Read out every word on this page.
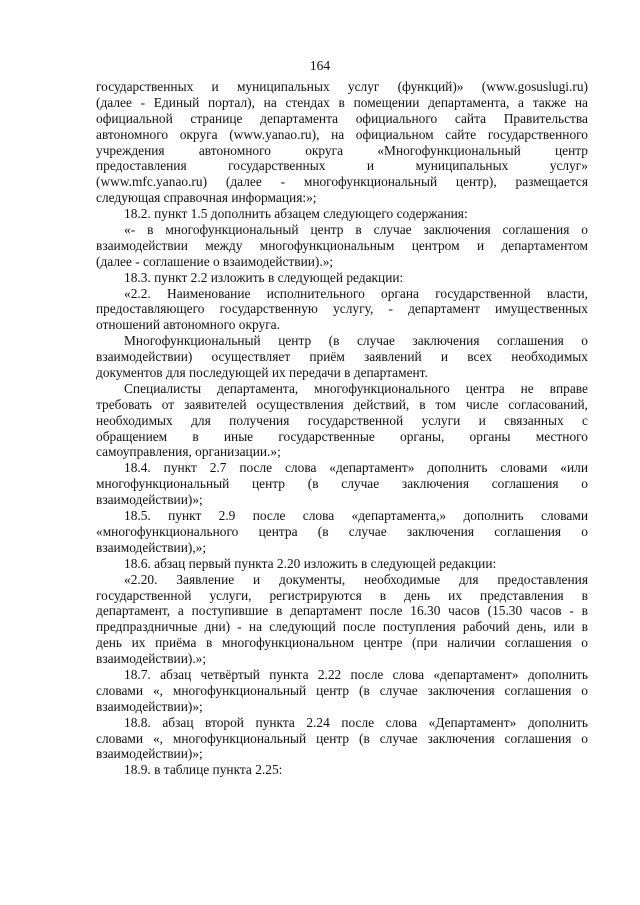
164
государственных и муниципальных услуг (функций)» (www.gosuslugi.ru)
(далее - Единый портал), на стендах в помещении департамента, а также на
официальной странице департамента официального сайта Правительства
автономного округа (www.yanao.ru), на официальном сайте государственного
учреждения автономного округа «Многофункциональный центр
предоставления государственных и муниципальных услуг»
(www.mfc.yanao.ru) (далее - многофункциональный центр), размещается
следующая справочная информация:»;
18.2. пункт 1.5 дополнить абзацем следующего содержания:
«- в многофункциональный центр в случае заключения соглашения о
взаимодействии между многофункциональным центром и департаментом
(далее - соглашение о взаимодействии).»;
18.3. пункт 2.2 изложить в следующей редакции:
«2.2. Наименование исполнительного органа государственной власти,
предоставляющего государственную услугу, - департамент имущественных
отношений автономного округа.
Многофункциональный центр (в случае заключения соглашения о
взаимодействии) осуществляет приём заявлений и всех необходимых
документов для последующей их передачи в департамент.
Специалисты департамента, многофункционального центра не вправе
требовать от заявителей осуществления действий, в том числе согласований,
необходимых для получения государственной услуги и связанных с
обращением в иные государственные органы, органы местного
самоуправления, организации.»;
18.4. пункт 2.7 после слова «департамент» дополнить словами «или
многофункциональный центр (в случае заключения соглашения о
взаимодействии)»;
18.5. пункт 2.9 после слова «департамента,» дополнить словами
«многофункционального центра (в случае заключения соглашения о
взаимодействии),»;
18.6. абзац первый пункта 2.20 изложить в следующей редакции:
«2.20. Заявление и документы, необходимые для предоставления
государственной услуги, регистрируются в день их представления в
департамент, а поступившие в департамент после 16.30 часов (15.30 часов - в
предпраздничные дни) - на следующий после поступления рабочий день, или в
день их приёма в многофункциональном центре (при наличии соглашения о
взаимодействии).»;
18.7. абзац четвёртый пункта 2.22 после слова «департамент» дополнить
словами «, многофункциональный центр (в случае заключения соглашения о
взаимодействии)»;
18.8. абзац второй пункта 2.24 после слова «Департамент» дополнить
словами «, многофункциональный центр (в случае заключения соглашения о
взаимодействии)»;
18.9. в таблице пункта 2.25:
